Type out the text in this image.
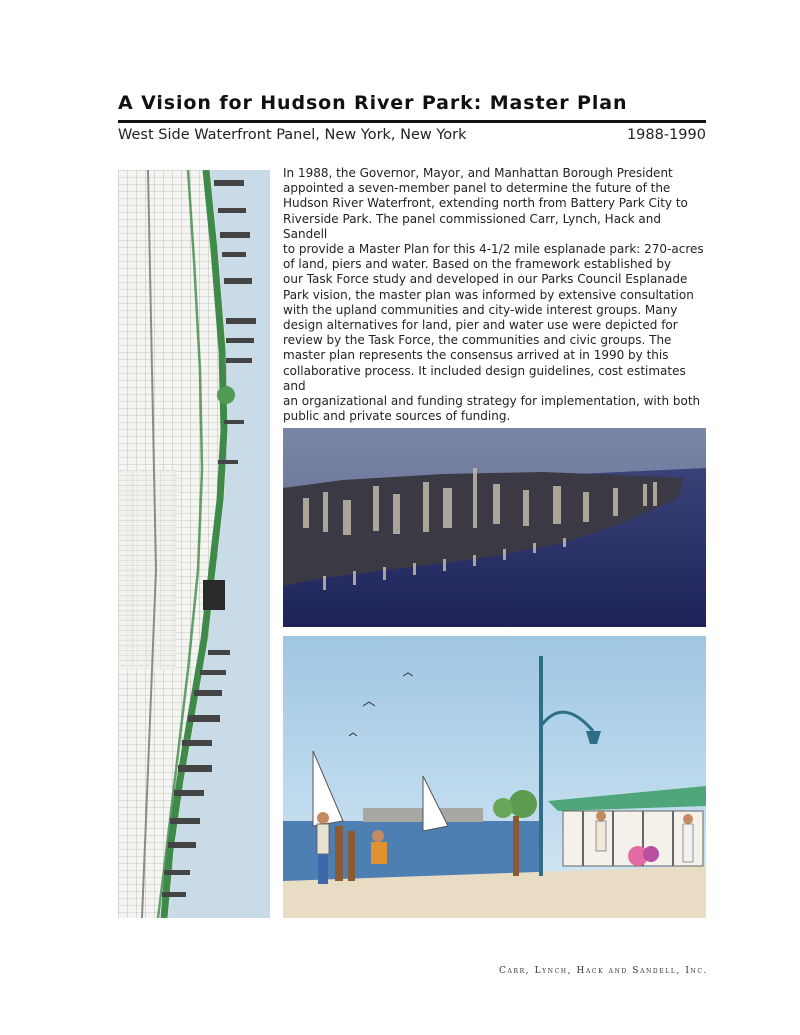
A Vision for Hudson River Park: Master Plan
West Side Waterfront Panel, New York, New York	1988-1990
In 1988, the Governor, Mayor, and Manhattan Borough President
appointed a seven-member panel to determine the future of the
Hudson River Waterfront, extending north from Battery Park City to
Riverside Park. The panel commissioned Carr, Lynch, Hack and Sandell
to provide a Master Plan for this 4-1/2 mile esplanade park: 270-acres
of land, piers and water. Based on the framework established by
our Task Force study and developed in our Parks Council Esplanade
Park vision, the master plan was informed by extensive consultation
with the upland communities and city-wide interest groups. Many
design alternatives for land, pier and water use were depicted for
review by the Task Force, the communities and civic groups. The
master plan represents the consensus arrived at in 1990 by this
collaborative process. It included design guidelines, cost estimates and
an organizational and funding strategy for implementation, with both
public and private sources of funding.
Carr, Lynch, Hack and Sandell, Inc.
